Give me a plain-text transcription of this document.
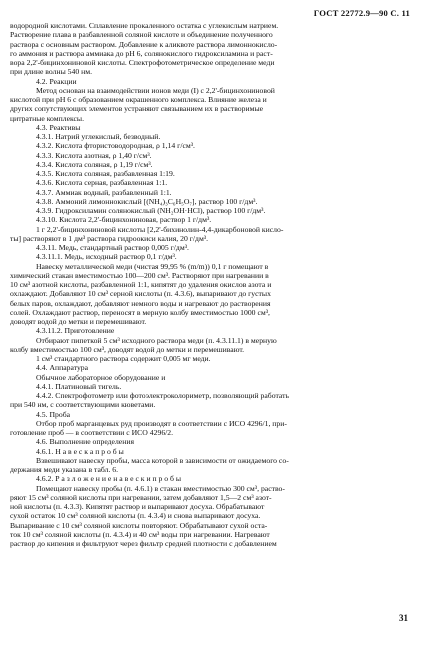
ГОСТ 22772.9—90 С. 11
водородной кислотами. Сплавление прокаленного остатка с углекислым натрием.
Растворение плава в разбавленной соляной кислоте и объединение полученного
раствора с основным раствором. Добавление к аликвоте раствора лимоннокисло-
го аммония и раствора аммиака до pH 6, солянокислого гидроксиламина и раст-
вора 2,2'-бицинхониновой кислоты. Спектрофотометрическое определение меди
при длине волны 540 нм.
4.2. Реакции
Метод основан на взаимодействии ионов меди (I) с 2,2'-бицинхониновой
кислотой при pH 6 с образованием окрашенного комплекса. Влияние железа и
других сопутствующих элементов устраняют связыванием их в растворимые
цитратные комплексы.
4.3. Реактивы
4.3.1. Натрий углекислый, безводный.
4.3.2. Кислота фтористоводородная, ρ 1,14 г/см³.
4.3.3. Кислота азотная, ρ 1,40 г/см³.
4.3.4. Кислота соляная, ρ 1,19 г/см³.
4.3.5. Кислота соляная, разбавленная 1:19.
4.3.6. Кислота серная, разбавленная 1:1.
4.3.7. Аммиак водный, разбавленный 1:1.
4.3.8. Аммоний лимоннокислый [(NH₄)₃C₆H₅O₇], раствор 100 г/дм³.
4.3.9. Гидроксиламин солянокислый (NH₂OH·HCl), раствор 100 г/дм³.
4.3.10. Кислота 2,2'-бицинхониновая, раствор 1 г/дм³.
1 г 2,2'-бицинхониновой кислоты [2,2'-бихинолин-4,4-дикарбоновой кисло-
ты] растворяют в 1 дм³ раствора гидроокиси калия, 20 г/дм³.
4.3.11. Медь, стандартный раствор 0,005 г/дм³.
4.3.11.1. Медь, исходный раствор 0,1 г/дм³.
Навеску металлической меди (чистая 99,95 % (m/m)) 0,1 г помещают в
химический стакан вместимостью 100—200 см³. Растворяют при нагревании в
10 см³ азотной кислоты, разбавленной 1:1, кипятят до удаления окислов азота и
охлаждают. Добавляют 10 см³ серной кислоты (п. 4.3.6), выпаривают до густых
белых паров, охлаждают, добавляют немного воды и нагревают до растворения
солей. Охлаждают раствор, переносят в мерную колбу вместимостью 1000 см³,
доводят водой до метки и перемешивают.
4.3.11.2. Приготовление
Отбирают пипеткой 5 см³ исходного раствора меди (п. 4.3.11.1) в мерную
колбу вместимостью 100 см³, доводят водой до метки и перемешивают.
1 см³ стандартного раствора содержит 0,005 мг меди.
4.4. Аппаратура
Обычное лабораторное оборудование и
4.4.1. Платиновый тигель.
4.4.2. Спектрофотометр или фотоэлектроколориметр, позволяющий работать
при 540 нм, с соответствующими кюветами.
4.5. Проба
Отбор проб марганцевых руд производят в соответствии с ИСО 4296/1, при-
готовление проб — в соответствии с ИСО 4296/2.
4.6. Выполнение определения
4.6.1. Н а в е с к а п р о б ы
Взвешивают навеску пробы, масса которой в зависимости от ожидаемого со-
держания меди указана в табл. 6.
4.6.2. Р а з л о ж е н и е н а в е с к и п р о б ы
Помещают навеску пробы (п. 4.6.1) в стакан вместимостью 300 см³, раство-
ряют 15 см³ соляной кислоты при нагревании, затем добавляют 1,5—2 см³ азот-
ной кислоты (п. 4.3.3). Кипятят раствор и выпаривают досуха. Обрабатывают
сухой остаток 10 см³ соляной кислоты (п. 4.3.4) и снова выпаривают досуха.
Выпаривание с 10 см³ соляной кислоты повторяют. Обрабатывают сухой оста-
ток 10 см³ соляной кислоты (п. 4.3.4) и 40 см³ воды при нагревании. Нагревают
раствор до кипения и фильтруют через фильтр средней плотности с добавлением
31
